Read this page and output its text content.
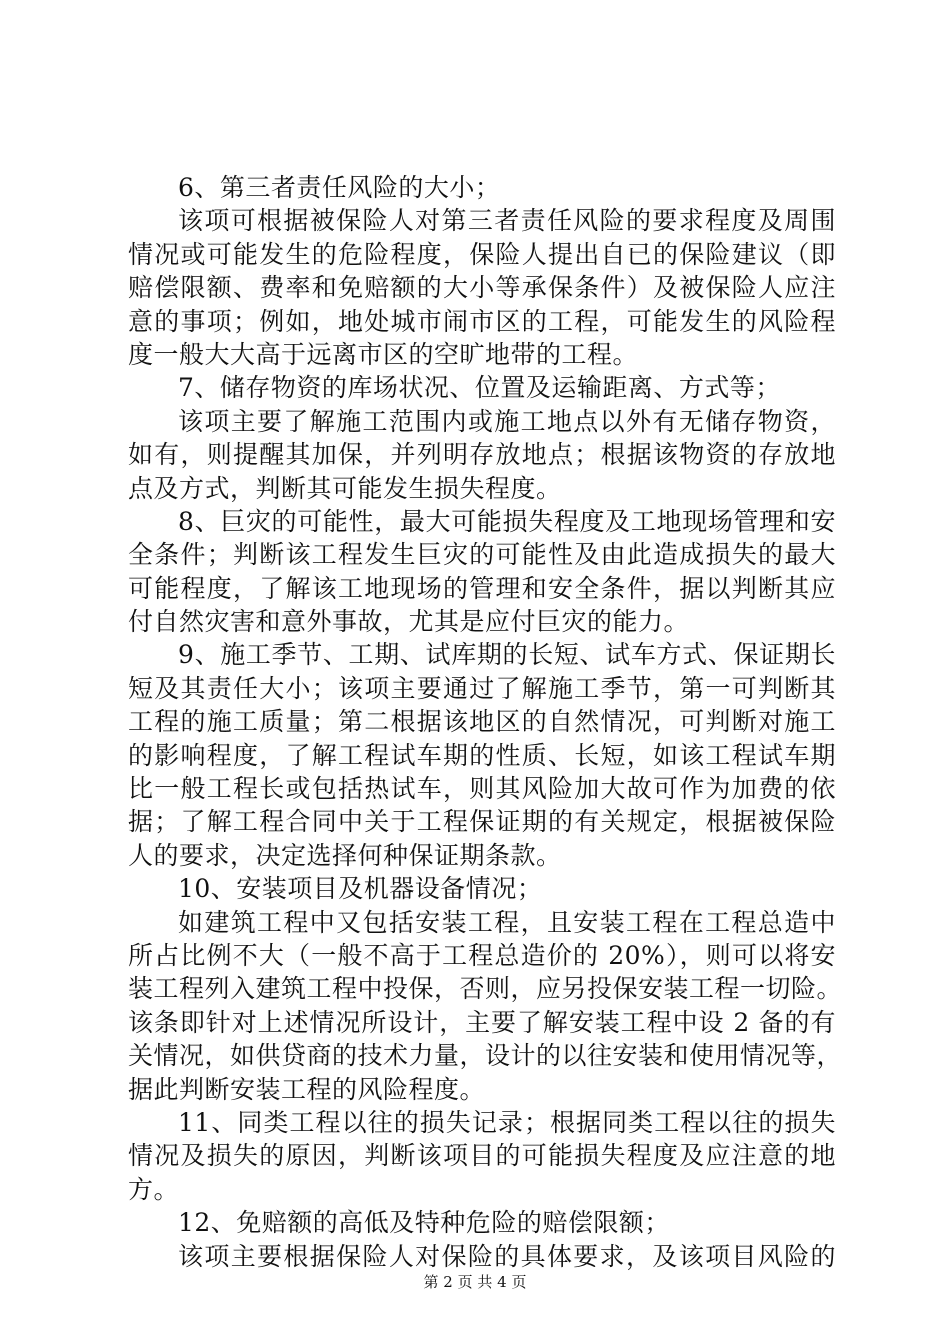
6、第三者责任风险的大小；
该项可根据被保险人对第三者责任风险的要求程度及周围
情况或可能发生的危险程度，保险人提出自已的保险建议（即
赔偿限额、费率和免赔额的大小等承保条件）及被保险人应注
意的事项；例如，地处城市闹市区的工程，可能发生的风险程
度一般大大高于远离市区的空旷地带的工程。
7、储存物资的库场状况、位置及运输距离、方式等；
该项主要了解施工范围内或施工地点以外有无储存物资，
如有，则提醒其加保，并列明存放地点；根据该物资的存放地
点及方式，判断其可能发生损失程度。
8、巨灾的可能性，最大可能损失程度及工地现场管理和安
全条件；判断该工程发生巨灾的可能性及由此造成损失的最大
可能程度，了解该工地现场的管理和安全条件，据以判断其应
付自然灾害和意外事故，尤其是应付巨灾的能力。
9、施工季节、工期、试库期的长短、试车方式、保证期长
短及其责任大小；该项主要通过了解施工季节，第一可判断其
工程的施工质量；第二根据该地区的自然情况，可判断对施工
的影响程度，了解工程试车期的性质、长短，如该工程试车期
比一般工程长或包括热试车，则其风险加大故可作为加费的依
据；了解工程合同中关于工程保证期的有关规定，根据被保险
人的要求，决定选择何种保证期条款。
10、安装项目及机器设备情况；
如建筑工程中又包括安装工程，且安装工程在工程总造中
所占比例不大（一般不高于工程总造价的 20%），则可以将安
装工程列入建筑工程中投保，否则，应另投保安装工程一切险。
该条即针对上述情况所设计，主要了解安装工程中设 2 备的有
关情况，如供贷商的技术力量，设计的以往安装和使用情况等，
据此判断安装工程的风险程度。
11、同类工程以往的损失记录；根据同类工程以往的损失
情况及损失的原因，判断该项目的可能损失程度及应注意的地
方。
12、免赔额的高低及特种危险的赔偿限额；
该项主要根据保险人对保险的具体要求，及该项目风险的
第 2 页 共 4 页
